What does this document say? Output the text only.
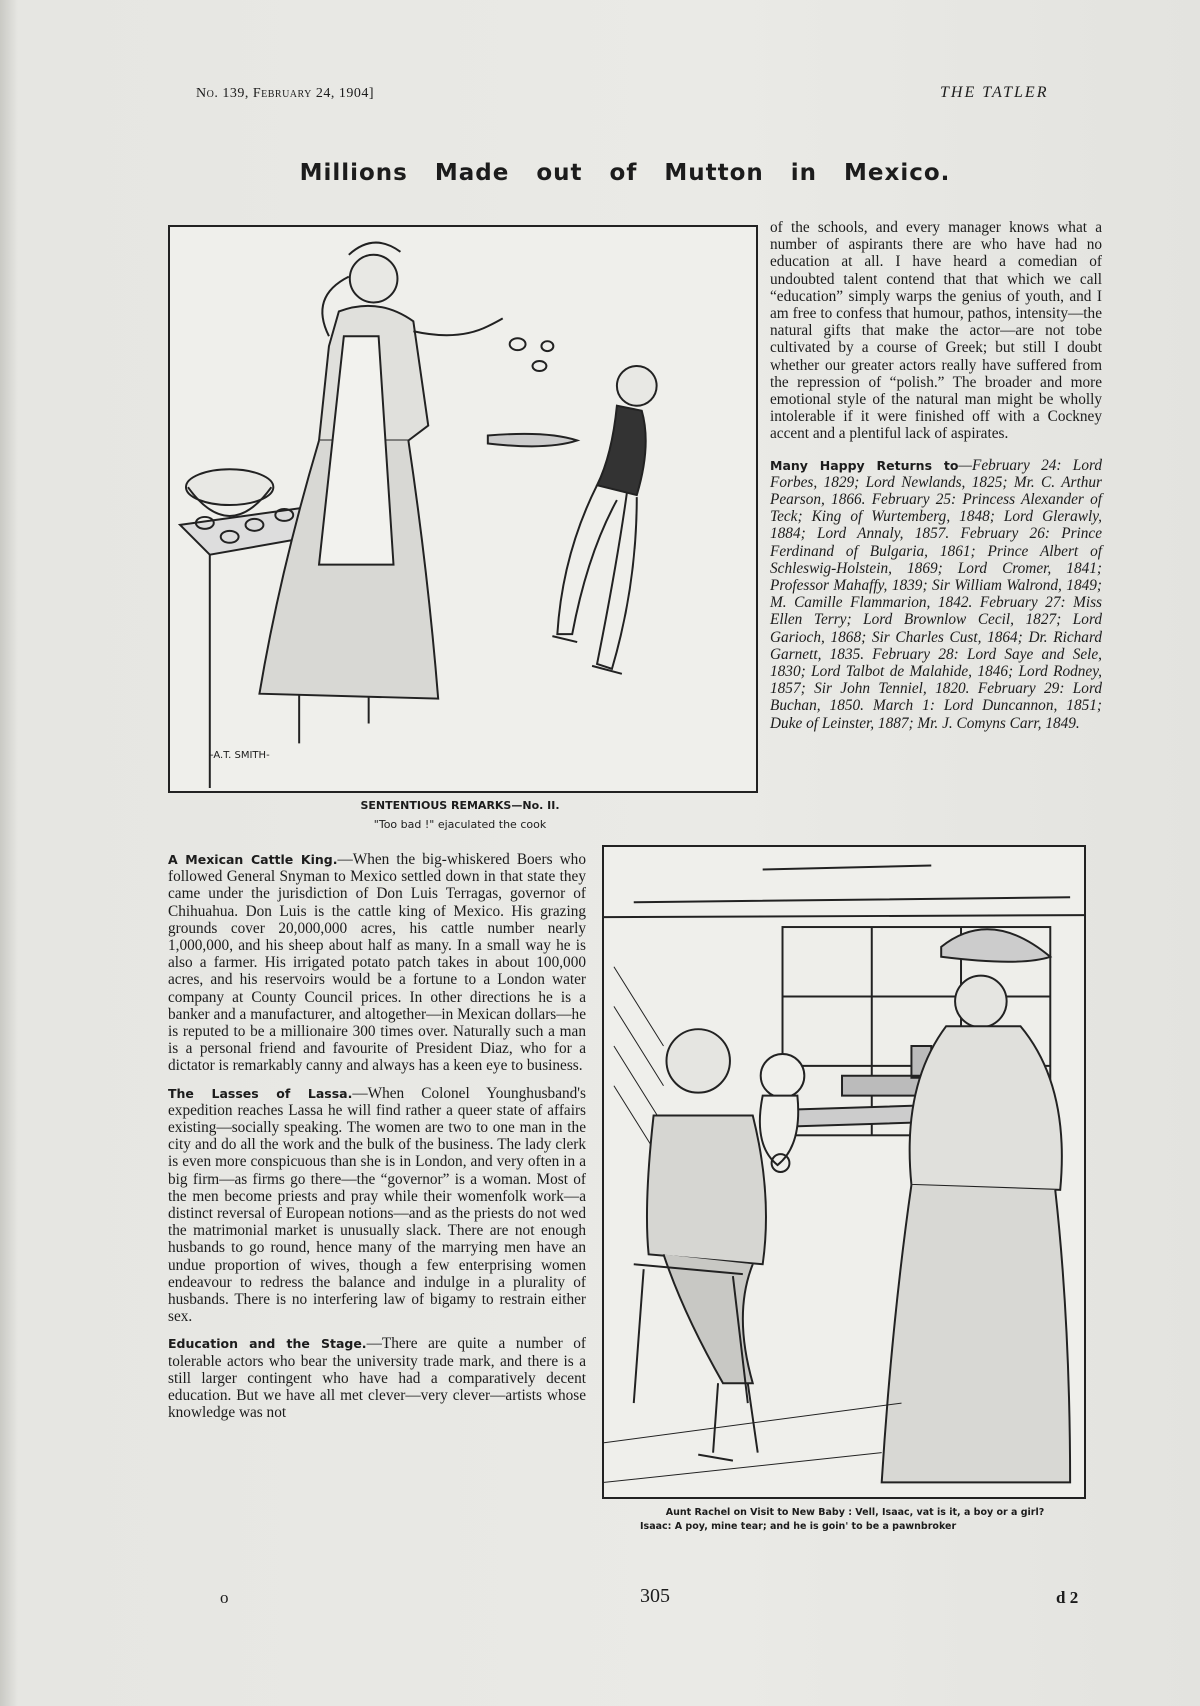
No. 139, February 24, 1904]	THE TATLER
Millions Made out of Mutton in Mexico.
-A.T. SMITH-
SENTENTIOUS REMARKS—No. II.
"Too bad !" ejaculated the cook

of the schools, and every manager knows what a number of aspirants there are who have had no education at all. I have heard a comedian of undoubted talent contend that that which we call “education” simply warps the genius of youth, and I am free to confess that humour, pathos, intensity—the natural gifts that make the actor—are not tobe cultivated by a course of Greek; but still I doubt whether our greater actors really have suffered from the repression of “polish.” The broader and more emotional style of the natural man might be wholly intolerable if it were finished off with a Cockney accent and a plentiful lack of aspirates.

Many Happy Returns to—February 24: Lord Forbes, 1829; Lord Newlands, 1825; Mr. C. Arthur Pearson, 1866. February 25: Princess Alexander of Teck; King of Wurtemberg, 1848; Lord Glerawly, 1884; Lord Annaly, 1857. February 26: Prince Ferdinand of Bulgaria, 1861; Prince Albert of Schleswig-Holstein, 1869; Lord Cromer, 1841; Professor Mahaffy, 1839; Sir William Walrond, 1849; M. Camille Flammarion, 1842. February 27: Miss Ellen Terry; Lord Brownlow Cecil, 1827; Lord Garioch, 1868; Sir Charles Cust, 1864; Dr. Richard Garnett, 1835. February 28: Lord Saye and Sele, 1830; Lord Talbot de Malahide, 1846; Lord Rodney, 1857; Sir John Tenniel, 1820. February 29: Lord Buchan, 1850. March 1: Lord Duncannon, 1851; Duke of Leinster, 1887; Mr. J. Comyns Carr, 1849.

A Mexican Cattle King.—When the big-whiskered Boers who followed General Snyman to Mexico settled down in that state they came under the jurisdiction of Don Luis Terragas, governor of Chihuahua. Don Luis is the cattle king of Mexico. His grazing grounds cover 20,000,000 acres, his cattle number nearly 1,000,000, and his sheep about half as many. In a small way he is also a farmer. His irrigated potato patch takes in about 100,000 acres, and his reservoirs would be a fortune to a London water company at County Council prices. In other directions he is a banker and a manufacturer, and altogether—in Mexican dollars—he is reputed to be a millionaire 300 times over. Naturally such a man is a personal friend and favourite of President Diaz, who for a dictator is remarkably canny and always has a keen eye to business.

The Lasses of Lassa.—When Colonel Younghusband's expedition reaches Lassa he will find rather a queer state of affairs existing—socially speaking. The women are two to one man in the city and do all the work and the bulk of the business. The lady clerk is even more conspicuous than she is in London, and very often in a big firm—as firms go there—the “governor” is a woman. Most of the men become priests and pray while their womenfolk work—a distinct reversal of European notions—and as the priests do not wed the matrimonial market is unusually slack. There are not enough husbands to go round, hence many of the marrying men have an undue proportion of wives, though a few enterprising women endeavour to redress the balance and indulge in a plurality of husbands. There is no interfering law of bigamy to restrain either sex.

Education and the Stage.—There are quite a number of tolerable actors who bear the university trade mark, and there is a still larger contingent who have had a comparatively decent education. But we have all met clever—very clever—artists whose knowledge was not

Aunt Rachel on Visit to New Baby : Vell, Isaac, vat is it, a boy or a girl?
Isaac: A poy, mine tear; and he is goin' to be a pawnbroker
o	305	d 2
